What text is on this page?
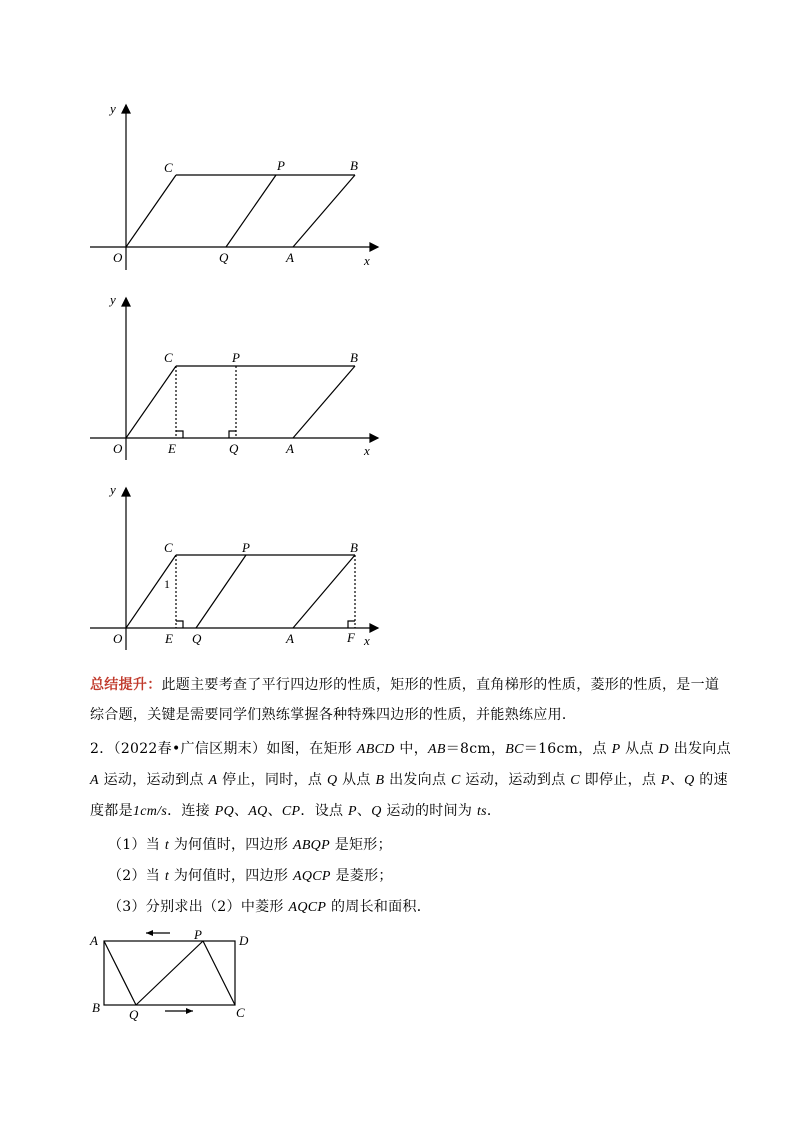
y
x
O
C	P	B
Q	A
y
x
O
C	P	B
E	Q	A
y
x
O
C	P	B
1
E Q	A	F
总结提升：此题主要考查了平行四边形的性质，矩形的性质，直角梯形的性质，菱形的性质，是一道综合题，关键是需要同学们熟练掌握各种特殊四边形的性质，并能熟练应用．
2．（2022春•广信区期末）如图，在矩形 ABCD 中，AB＝8cm，BC＝16cm，点 P 从点 D 出发向点 A 运动，运动到点 A 停止，同时，点 Q 从点 B 出发向点 C 运动，运动到点 C 即停止，点 P、Q 的速度都是1cm/s．连接 PQ、AQ、CP．设点 P、Q 运动的时间为 ts．
（1）当 t 为何值时，四边形 ABQP 是矩形；
（2）当 t 为何值时，四边形 AQCP 是菱形；
（3）分别求出（2）中菱形 AQCP 的周长和面积．
A	P	D
B Q	C
